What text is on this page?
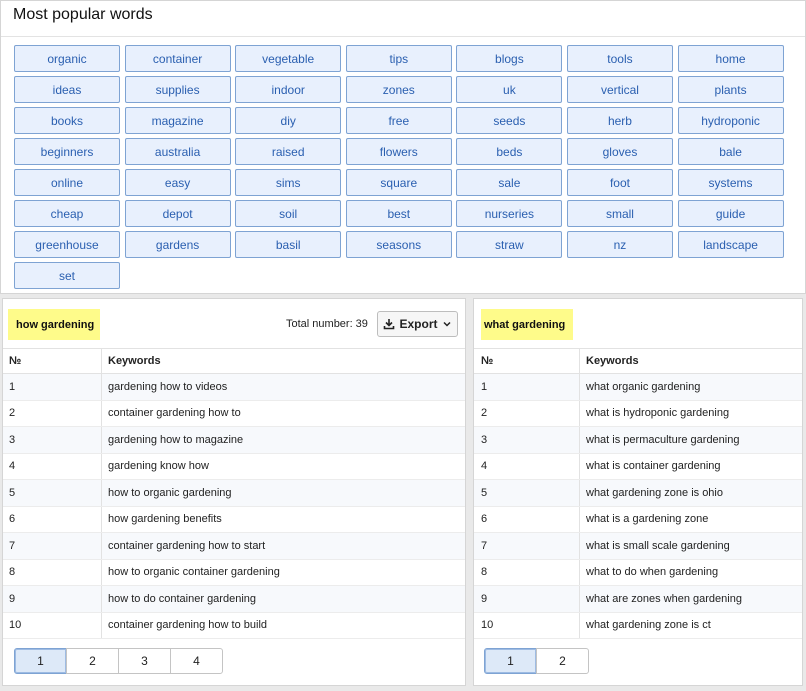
Most popular words
organic	container	vegetable	tips	blogs	tools	home
ideas	supplies	indoor	zones	uk	vertical	plants
books	magazine	diy	free	seeds	herb	hydroponic
beginners	australia	raised	flowers	beds	gloves	bale
online	easy	sims	square	sale	foot	systems
cheap	depot	soil	best	nurseries	small	guide
greenhouse	gardens	basil	seasons	straw	nz	landscape
set
how gardening	Total number: 39	Export
№	Keywords
1	gardening how to videos
2	container gardening how to
3	gardening how to magazine
4	gardening know how
5	how to organic gardening
6	how gardening benefits
7	container gardening how to start
8	how to organic container gardening
9	how to do container gardening
10	container gardening how to build
1	2	3	4
what gardening
№	Keywords
1	what organic gardening
2	what is hydroponic gardening
3	what is permaculture gardening
4	what is container gardening
5	what gardening zone is ohio
6	what is a gardening zone
7	what is small scale gardening
8	what to do when gardening
9	what are zones when gardening
10	what gardening zone is ct
1	2
